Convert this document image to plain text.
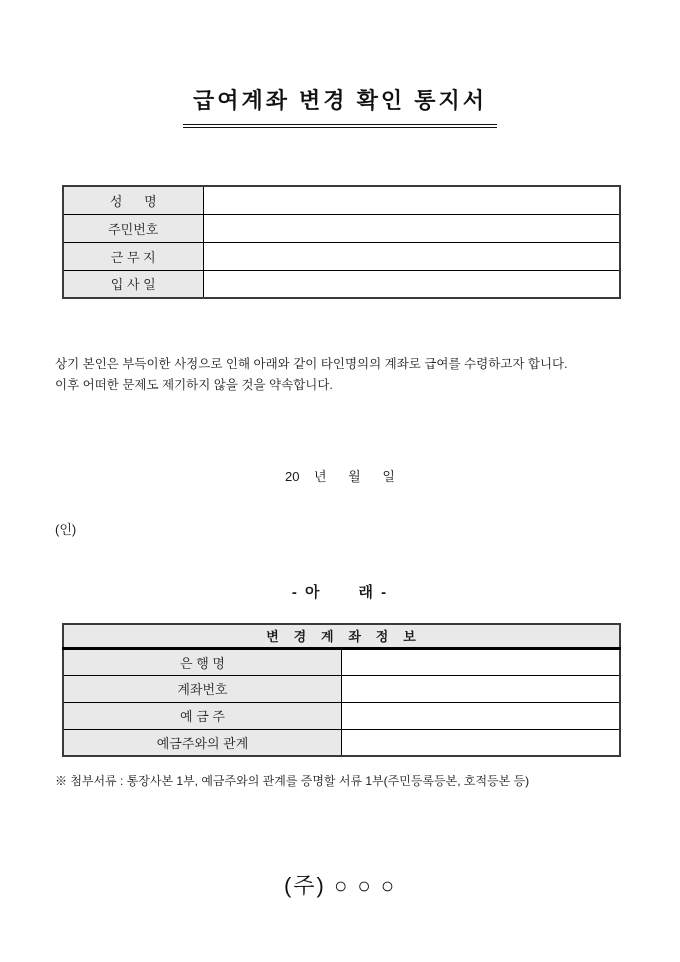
급여계좌 변경 확인 통지서
성      명	
주민번호	
근 무 지	
입 사 일	
상기 본인은 부득이한 사정으로 인해 아래와 같이 타인명의의 계좌로 급여를 수령하고자 합니다.
이후 어떠한 문제도 제기하지 않을 것을 약속합니다.
20    년      월      일
(인)
- 아      래 -
변   경   계   좌   정   보	
은 행 명	
계좌번호	
예 금 주	
예금주와의 관계	
※ 첨부서류 : 통장사본 1부, 예금주와의 관계를 증명할 서류 1부(주민등록등본, 호적등본 등)
(주) ○ ○ ○
